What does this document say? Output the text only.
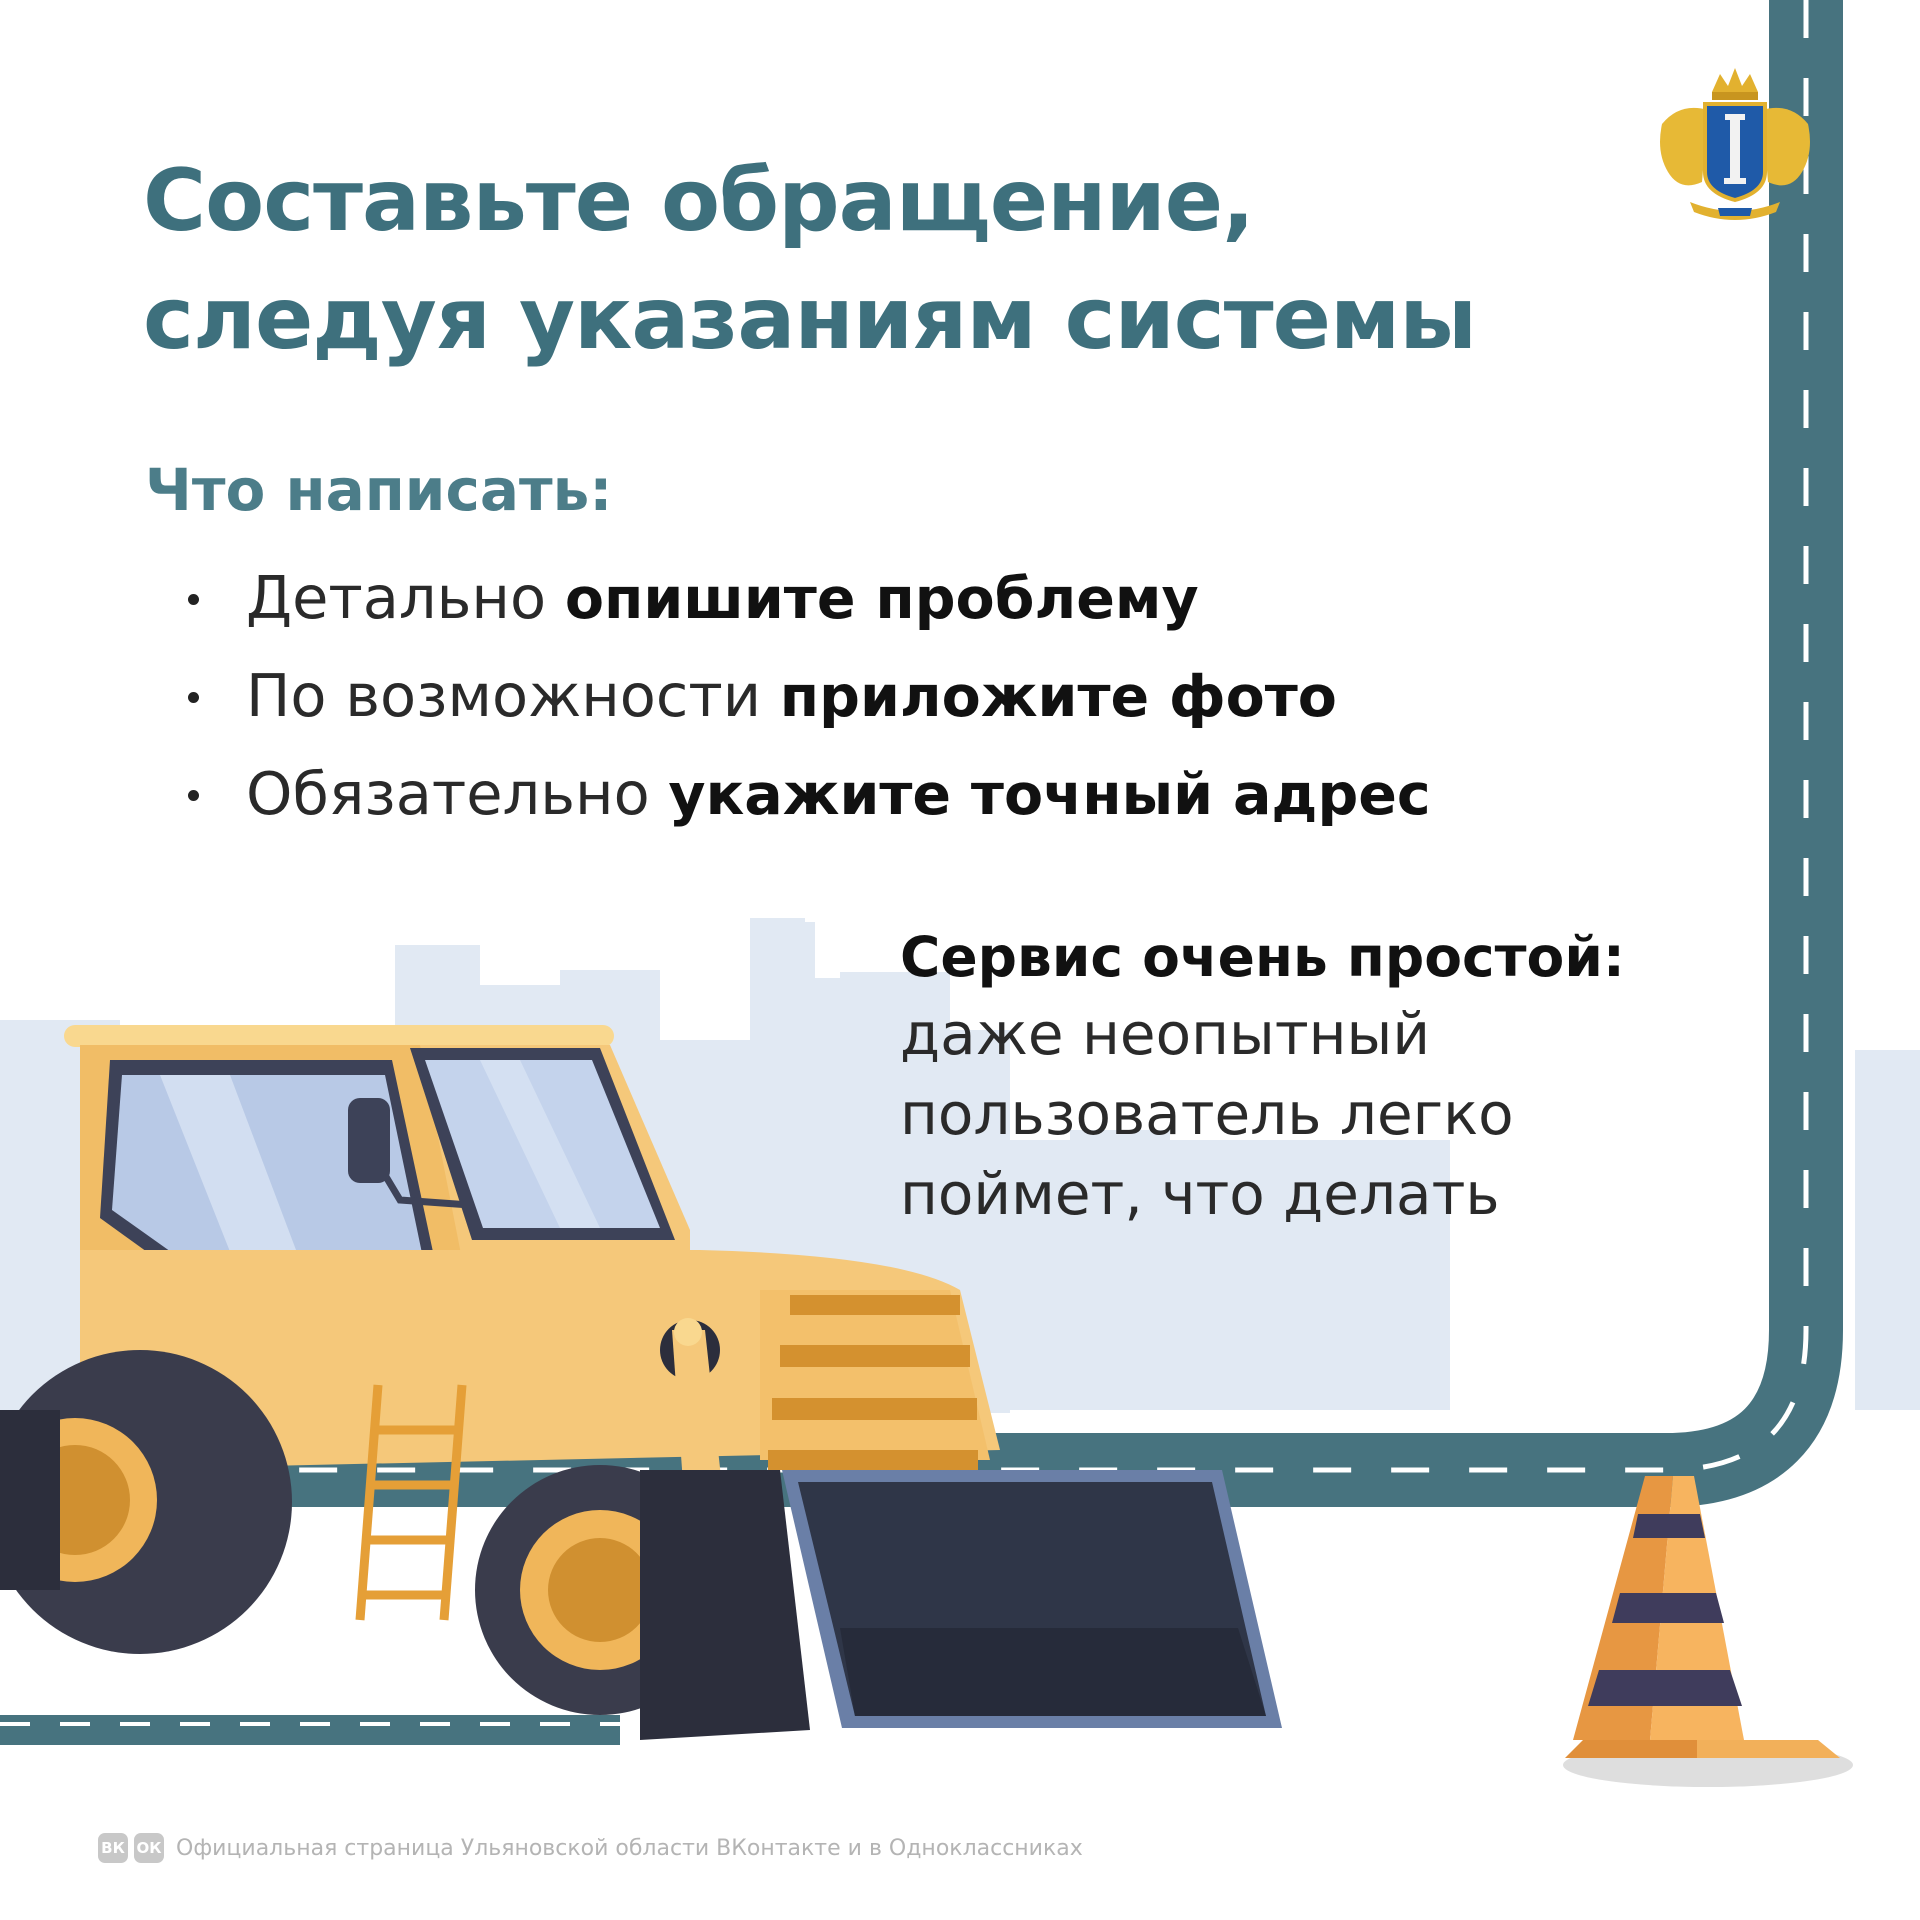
Составьте обращение,
следуя указаниям системы
Что написать:
Детально опишите проблему
По возможности приложите фото
Обязательно укажите точный адрес
Сервис очень простой:
даже неопытный
пользователь легко
поймет, что делать
ВК ОК Официальная страница Ульяновской области ВКонтакте и в Одноклассниках
